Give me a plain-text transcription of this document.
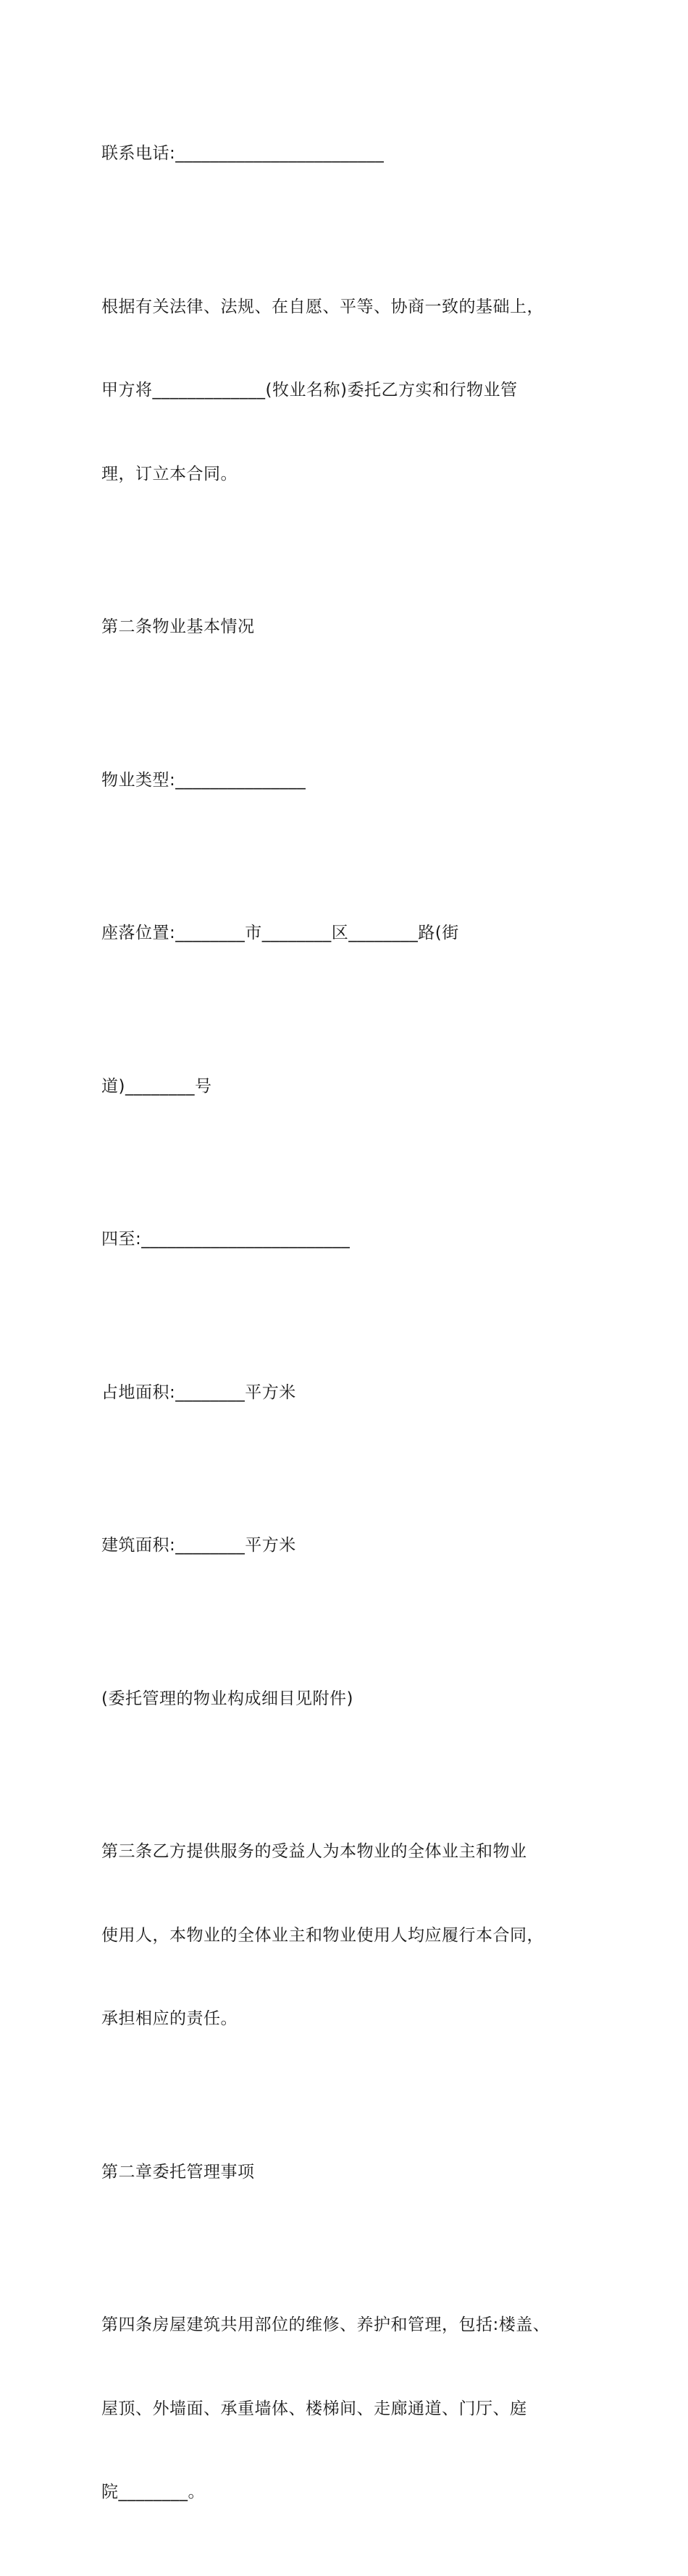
联系电话:________________________

根据有关法律、法规、在自愿、平等、协商一致的基础上，

甲方将_____________(牧业名称)委托乙方实和行物业管

理，订立本合同。

第二条物业基本情况

物业类型:_______________

座落位置:________市________区________路(街

道)________号

四至:________________________

占地面积:________平方米

建筑面积:________平方米

(委托管理的物业构成细目见附件)

第三条乙方提供服务的受益人为本物业的全体业主和物业

使用人，本物业的全体业主和物业使用人均应履行本合同，

承担相应的责任。

第二章委托管理事项

第四条房屋建筑共用部位的维修、养护和管理，包括:楼盖、

屋顶、外墙面、承重墙体、楼梯间、走廊通道、门厅、庭

院________。
